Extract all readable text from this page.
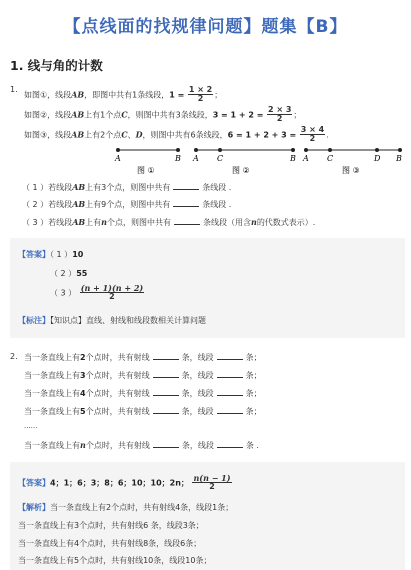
【点线面的找规律问题】题集【B】
1. 线与角的计数
1.
如图①，线段AB，即图中共有1条线段，$1 = \frac{1 \times 2}{2}$ ；
如图②，线段AB上有1个点C，则图中共有3条线段，$3 = 1 + 2 = \frac{2 \times 3}{2}$ ；
如图③，线段AB上有2个点C、D，则图中共有6条线段，$6 = 1 + 2 + 3 = \frac{3 \times 4}{2}$ .
A	B
图 ①
A C	B
图 ②
A C	D B
图 ③
（ 1 ）若线段AB上有3个点，则图中共有	条线段 .
（ 2 ）若线段AB上有9个点，则图中共有	条线段 .
（ 3 ）若线段AB上有n个点，则图中共有	条线段（用含n的代数式表示）.
【答案】（ 1 ）10
（ 2 ）55
（ 3 ） $\frac{(n + 1)(n + 2)}{2}$
【标注】【知识点】直线、射线和线段数相关计算问题
2. 当一条直线上有2个点时，共有射线	条，线段	条；
当一条直线上有3个点时，共有射线	条，线段	条；
当一条直线上有4个点时，共有射线	条，线段	条；
当一条直线上有5个点时，共有射线	条，线段	条；
......
当一条直线上有n个点时，共有射线	条，线段	条 .
【答案】4；1；6；3；8；6；10；10；2n； $\frac{n(n - 1)}{2}$
【解析】当一条直线上有2个点时，共有射线4条，线段1条；
当一条直线上有3个点时，共有射线6 条，线段3条；
当一条直线上有4个点时，共有射线8条，线段6条；
当一条直线上有5个点时，共有射线10条，线段10条；
